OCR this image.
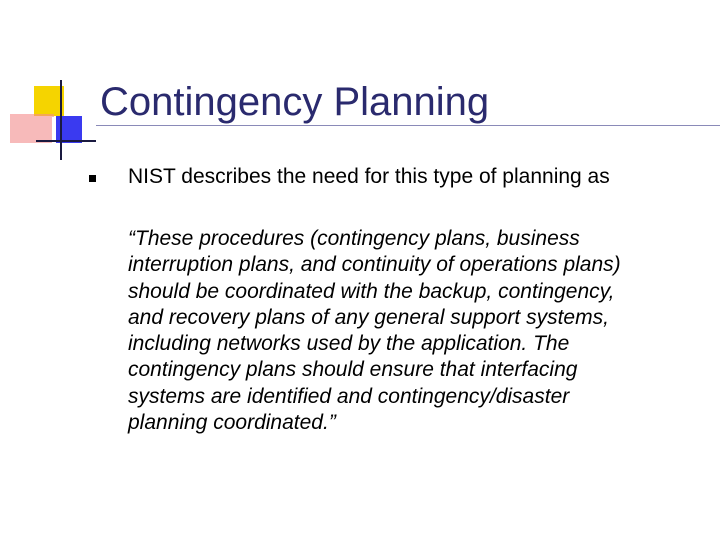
Contingency Planning

NIST describes the need for this type of planning as

“These procedures (contingency plans, business
interruption plans, and continuity of operations plans)
should be coordinated with the backup, contingency,
and recovery plans of any general support systems,
including networks used by the application. The
contingency plans should ensure that interfacing
systems are identified and contingency/disaster
planning coordinated.”
